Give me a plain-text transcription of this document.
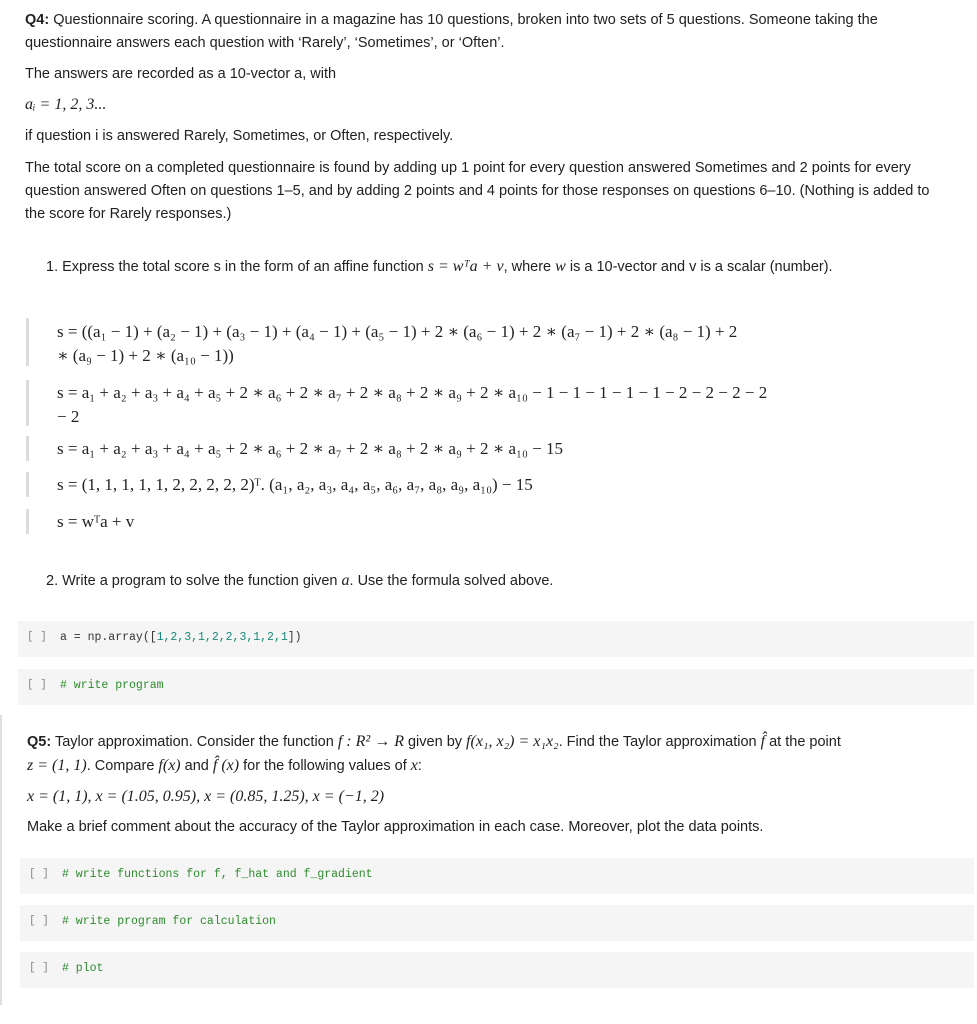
Q4: Questionnaire scoring. A questionnaire in a magazine has 10 questions, broken into two sets of 5 questions. Someone taking the
questionnaire answers each question with ‘Rarely’, ‘Sometimes’, or ‘Often’.
The answers are recorded as a 10-vector a, with
aᵢ = 1, 2, 3...
if question i is answered Rarely, Sometimes, or Often, respectively.
The total score on a completed questionnaire is found by adding up 1 point for every question answered Sometimes and 2 points for every
question answered Often on questions 1–5, and by adding 2 points and 4 points for those responses on questions 6–10. (Nothing is added to
the score for Rarely responses.)
1. Express the total score s in the form of an affine function s = wᵀa + v, where w is a 10-vector and v is a scalar (number).
s = ((a₁ − 1) + (a₂ − 1) + (a₃ − 1) + (a₄ − 1) + (a₅ − 1) + 2 ∗ (a₆ − 1) + 2 ∗ (a₇ − 1) + 2 ∗ (a₈ − 1) + 2
∗ (a₉ − 1) + 2 ∗ (a₁₀ − 1))
s = a₁ + a₂ + a₃ + a₄ + a₅ + 2 ∗ a₆ + 2 ∗ a₇ + 2 ∗ a₈ + 2 ∗ a₉ + 2 ∗ a₁₀ − 1 − 1 − 1 − 1 − 1 − 2 − 2 − 2 − 2
− 2
s = a₁ + a₂ + a₃ + a₄ + a₅ + 2 ∗ a₆ + 2 ∗ a₇ + 2 ∗ a₈ + 2 ∗ a₉ + 2 ∗ a₁₀ − 15
s = (1, 1, 1, 1, 1, 2, 2, 2, 2, 2)ᵀ. (a₁, a₂, a₃, a₄, a₅, a₆, a₇, a₈, a₉, a₁₀) − 15
s = wᵀa + v
2. Write a program to solve the function given a. Use the formula solved above.
[ ] a = np.array([1,2,3,1,2,2,3,1,2,1])
[ ] # write program
Q5: Taylor approximation. Consider the function f : R² → R given by f(x₁, x₂) = x₁x₂. Find the Taylor approximation f̂ at the point
z = (1, 1). Compare f(x) and f̂ (x) for the following values of x:
x = (1, 1), x = (1.05, 0.95), x = (0.85, 1.25), x = (−1, 2)
Make a brief comment about the accuracy of the Taylor approximation in each case. Moreover, plot the data points.
[ ] # write functions for f, f_hat and f_gradient
[ ] # write program for calculation
[ ] # plot
